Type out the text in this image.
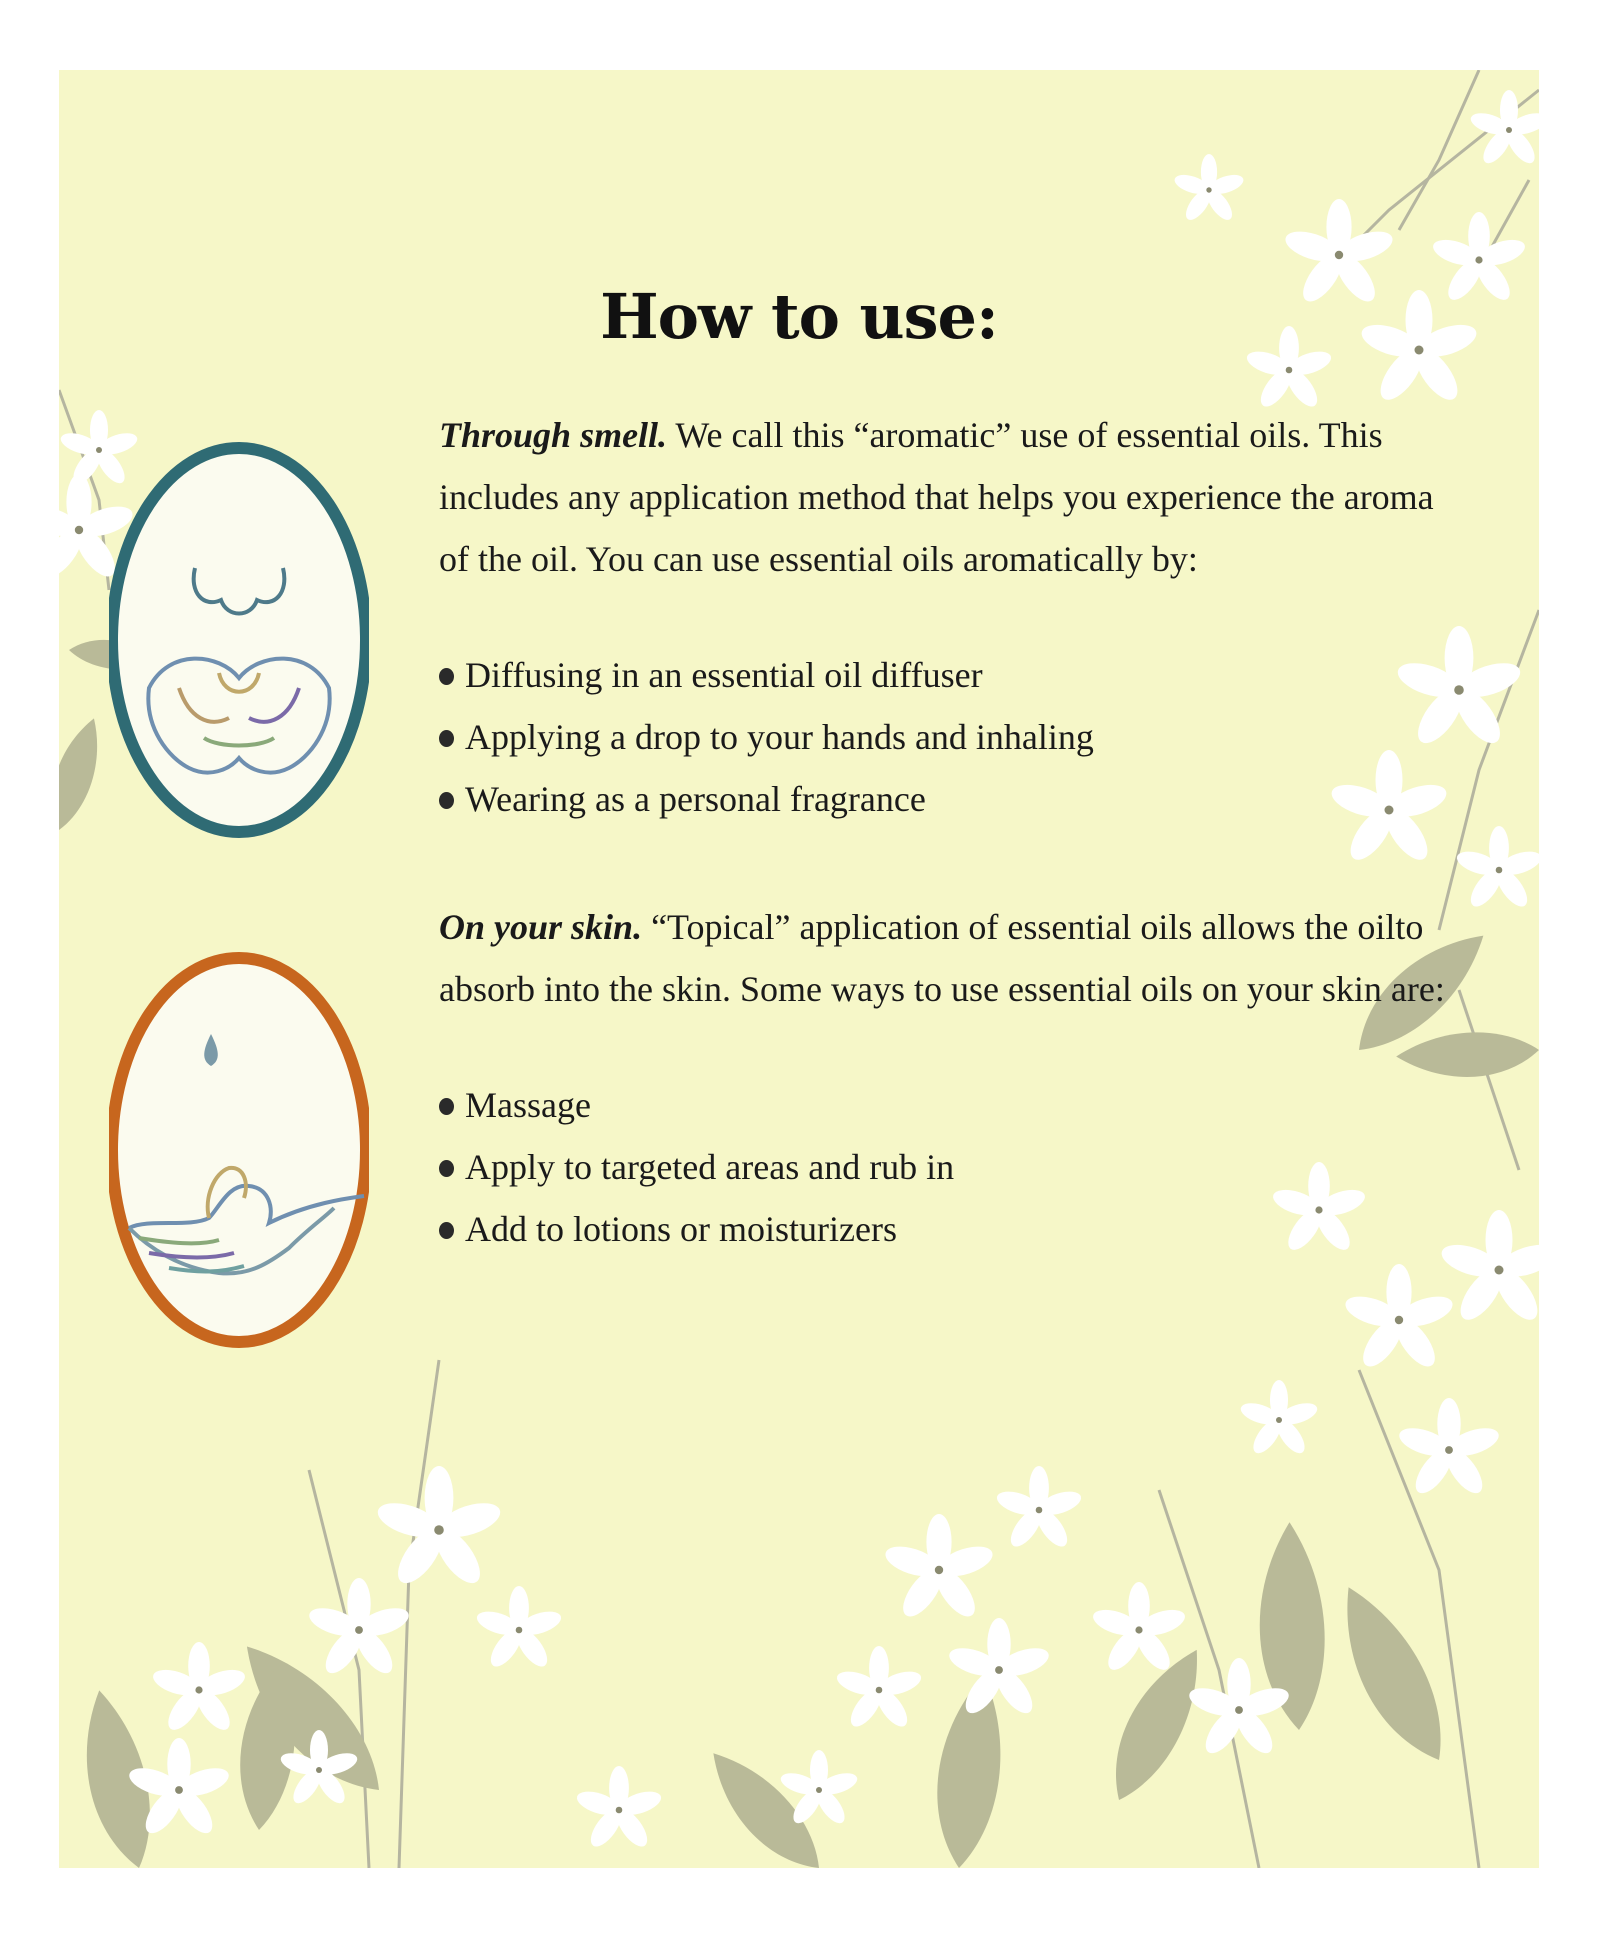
How to use:

Through smell. We call this “aromatic” use of essential oils. This includes any application method that helps you experience the aroma of the oil. You can use essential oils aromatically by:

Diffusing in an essential oil diffuser
Applying a drop to your hands and inhaling
Wearing as a personal fragrance

On your skin. “Topical” application of essential oils allows the oilto absorb into the skin. Some ways to use essential oils on your skin are:

Massage
Apply to targeted areas and rub in
Add to lotions or moisturizers
